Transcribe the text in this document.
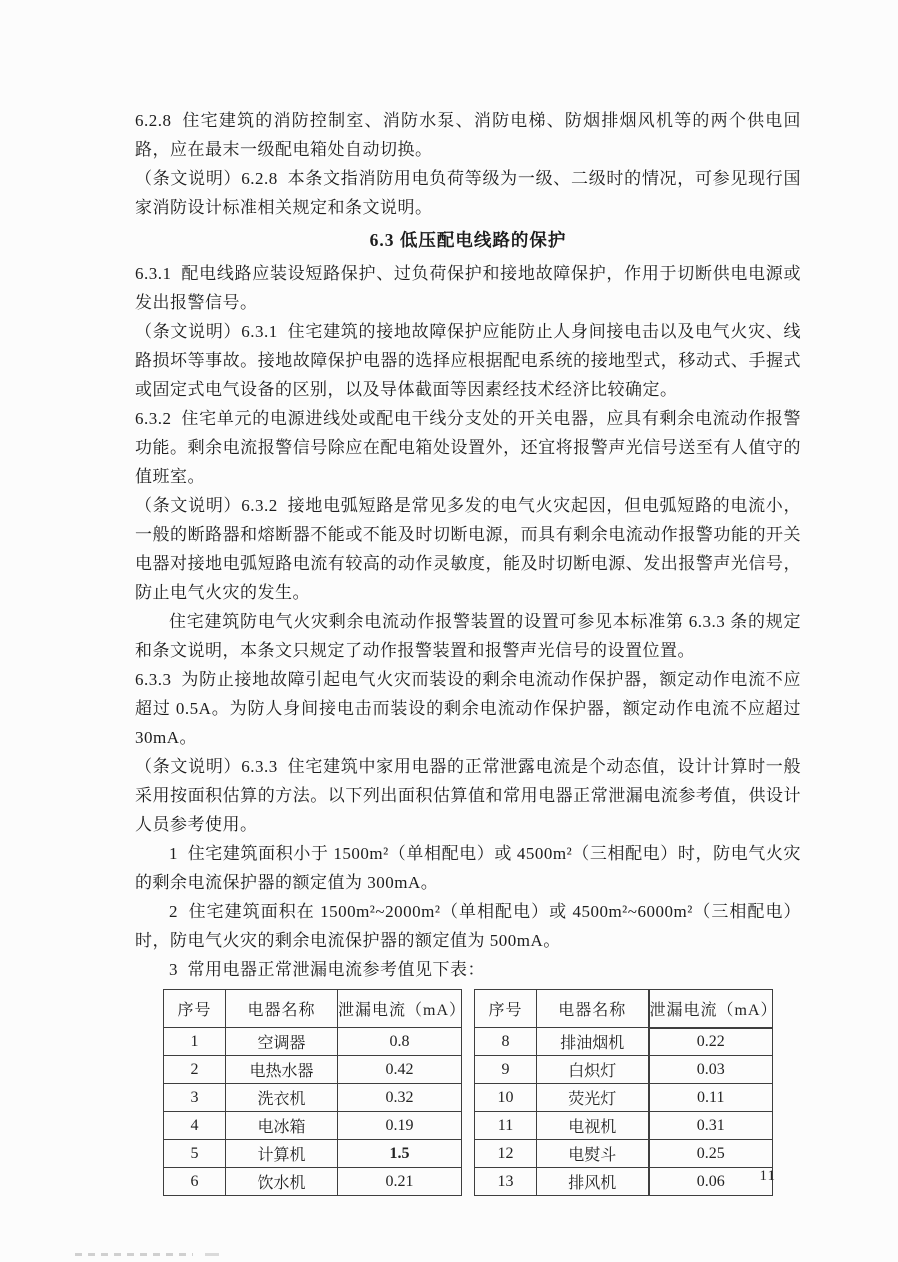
6.2.8  住宅建筑的消防控制室、消防水泵、消防电梯、防烟排烟风机等的两个供电回路，应在最末一级配电箱处自动切换。

（条文说明）6.2.8  本条文指消防用电负荷等级为一级、二级时的情况，可参见现行国家消防设计标准相关规定和条文说明。

6.3 低压配电线路的保护

6.3.1  配电线路应装设短路保护、过负荷保护和接地故障保护，作用于切断供电电源或发出报警信号。

（条文说明）6.3.1  住宅建筑的接地故障保护应能防止人身间接电击以及电气火灾、线路损坏等事故。接地故障保护电器的选择应根据配电系统的接地型式，移动式、手握式或固定式电气设备的区别，以及导体截面等因素经技术经济比较确定。

6.3.2  住宅单元的电源进线处或配电干线分支处的开关电器，应具有剩余电流动作报警功能。剩余电流报警信号除应在配电箱处设置外，还宜将报警声光信号送至有人值守的值班室。

（条文说明）6.3.2  接地电弧短路是常见多发的电气火灾起因，但电弧短路的电流小，一般的断路器和熔断器不能或不能及时切断电源，而具有剩余电流动作报警功能的开关电器对接地电弧短路电流有较高的动作灵敏度，能及时切断电源、发出报警声光信号，防止电气火灾的发生。

住宅建筑防电气火灾剩余电流动作报警装置的设置可参见本标准第 6.3.3 条的规定和条文说明，本条文只规定了动作报警装置和报警声光信号的设置位置。

6.3.3  为防止接地故障引起电气火灾而装设的剩余电流动作保护器，额定动作电流不应超过 0.5A。为防人身间接电击而装设的剩余电流动作保护器，额定动作电流不应超过 30mA。

（条文说明）6.3.3  住宅建筑中家用电器的正常泄露电流是个动态值，设计计算时一般采用按面积估算的方法。以下列出面积估算值和常用电器正常泄漏电流参考值，供设计人员参考使用。

1  住宅建筑面积小于 1500m²（单相配电）或 4500m²（三相配电）时，防电气火灾的剩余电流保护器的额定值为 300mA。

2  住宅建筑面积在 1500m²~2000m²（单相配电）或 4500m²~6000m²（三相配电）时，防电气火灾的剩余电流保护器的额定值为 500mA。

3  常用电器正常泄漏电流参考值见下表：

序号	电器名称	泄漏电流（mA）
1	空调器	0.8
2	电热水器	0.42
3	洗衣机	0.32
4	电冰箱	0.19
5	计算机	1.5
6	饮水机	0.21
序号	电器名称	泄漏电流（mA）
8	排油烟机	0.22
9	白炽灯	0.03
10	荧光灯	0.11
11	电视机	0.31
12	电熨斗	0.25
13	排风机	0.06 11
